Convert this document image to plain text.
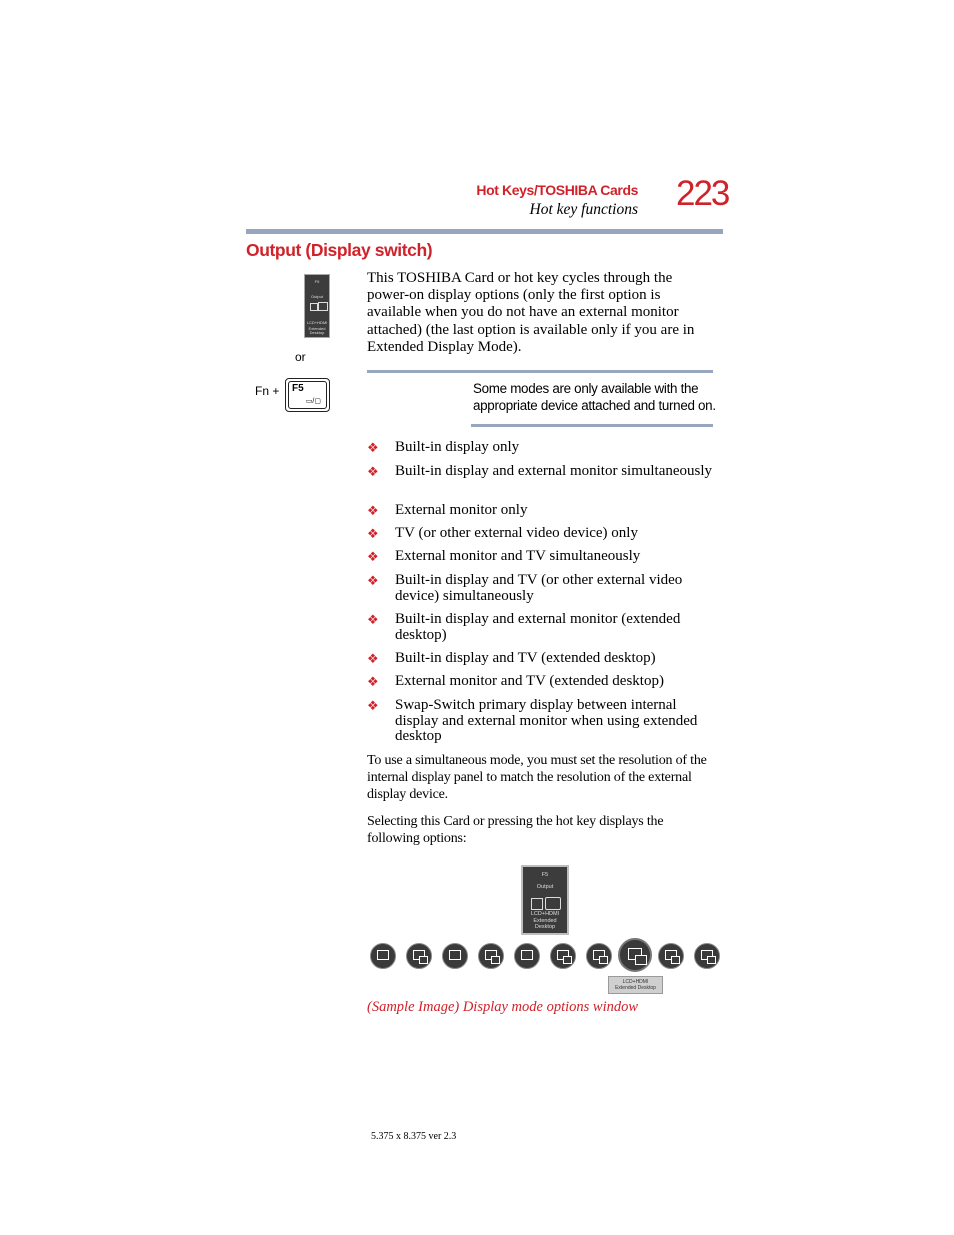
Hot Keys/TOSHIBA Cards
Hot key functions 223
Output (Display switch)
F5
Output
LCD+HDMI
Extended Desktop
or
Fn + F5
▭/▢
This TOSHIBA Card or hot key cycles through the power-on display options (only the first option is available when you do not have an external monitor attached) (the last option is available only if you are in Extended Display Mode).
Some modes are only available with the appropriate device attached and turned on.
❖ Built-in display only
❖ Built-in display and external monitor simultaneously
❖ External monitor only
❖ TV (or other external video device) only
❖ External monitor and TV simultaneously
❖ Built-in display and TV (or other external video device) simultaneously
❖ Built-in display and external monitor (extended desktop)
❖ Built-in display and TV (extended desktop)
❖ External monitor and TV (extended desktop)
❖ Swap-Switch primary display between internal display and external monitor when using extended desktop
To use a simultaneous mode, you must set the resolution of the internal display panel to match the resolution of the external display device.
Selecting this Card or pressing the hot key displays the following options:
F5
Output
LCD+HDMI
Extended Desktop
LCD+HDMI
Extended Desktop
(Sample Image) Display mode options window
5.375 x 8.375 ver 2.3
